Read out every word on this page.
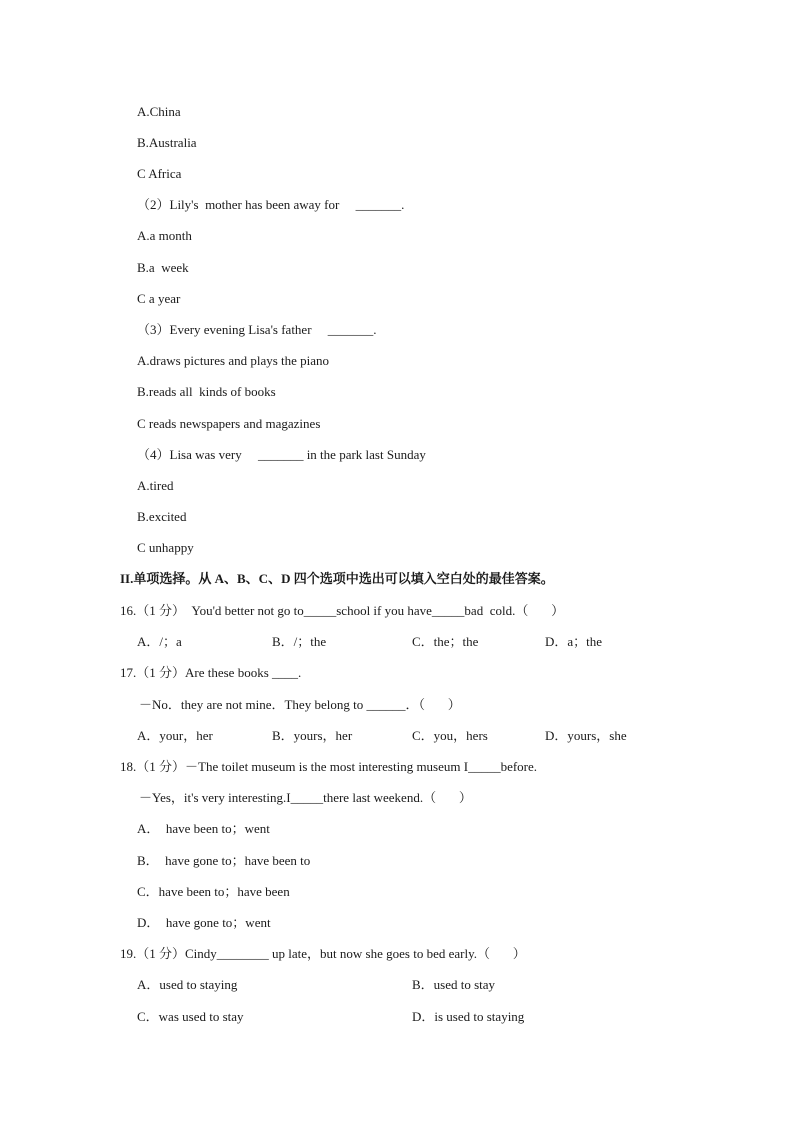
A.China
B.Australia
C Africa
（2）Lily's  mother has been away for     _______.
A.a month
B.a  week
C a year
（3）Every evening Lisa's father     _______.
A.draws pictures and plays the piano
B.reads all  kinds of books
C reads newspapers and magazines
（4）Lisa was very     _______ in the park last Sunday
A.tired
B.excited
C unhappy
II.单项选择。从 A、B、C、D 四个选项中选出可以填入空白处的最佳答案。
16.（1 分）  You'd better not go to_____school if you have_____bad  cold.（       ）
A．/；a	B．/；the	C．the；the	D．a；the
17.（1 分）Are these books ____.
－No．they are not mine．They belong to ______．（       ）
A．your，her	B．yours，her	C．you，hers	D．yours，she
18.（1 分）－The toilet museum is the most interesting museum I_____before.
－Yes，it's very interesting.I_____there last weekend.（       ）
A．  have been to；went
B．  have gone to；have been to
C．have been to；have been
D．  have gone to；went
19.（1 分）Cindy________ up late，but now she goes to bed early.（       ）
A．used to staying	B．used to stay
C．was used to stay	D．is used to staying
